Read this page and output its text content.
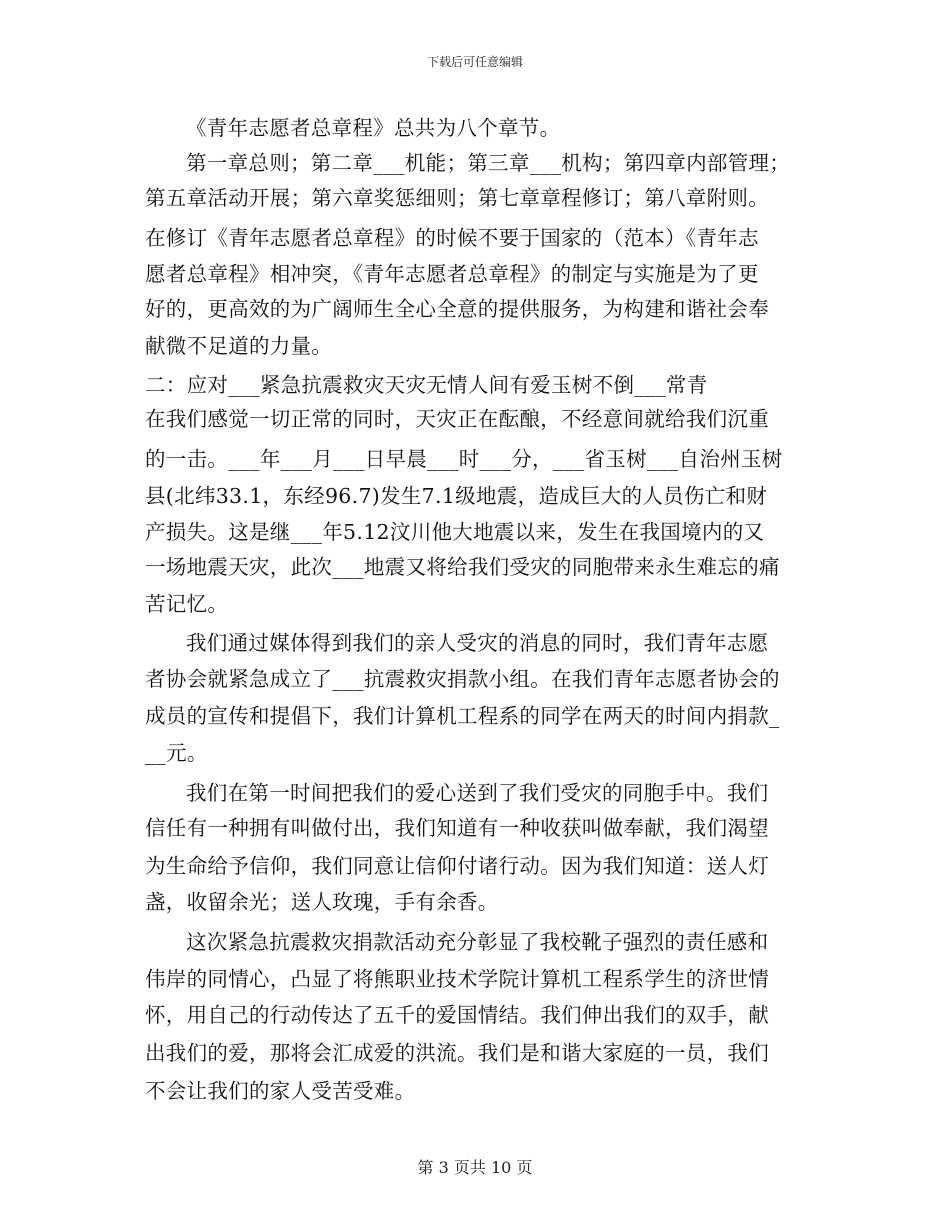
下载后可任意编辑
《青年志愿者总章程》总共为八个章节。
第一章总则；第二章___机能；第三章___机构；第四章内部管理；
第五章活动开展；第六章奖惩细则；第七章章程修订；第八章附则。
在修订《青年志愿者总章程》的时候不要于国家的（范本）《青年志
愿者总章程》相冲突，《青年志愿者总章程》的制定与实施是为了更
好的，更高效的为广阔师生全心全意的提供服务，为构建和谐社会奉
献微不足道的力量。
二：应对___紧急抗震救灾天灾无情人间有爱玉树不倒___常青
在我们感觉一切正常的同时，天灾正在酝酿，不经意间就给我们沉重
的一击。___年___月___日早晨___时___分，___省玉树___自治州玉树
县(北纬33.1，东经96.7)发生7.1级地震，造成巨大的人员伤亡和财
产损失。这是继___年5.12汶川他大地震以来，发生在我国境内的又
一场地震天灾，此次___地震又将给我们受灾的同胞带来永生难忘的痛
苦记忆。
我们通过媒体得到我们的亲人受灾的消息的同时，我们青年志愿
者协会就紧急成立了___抗震救灾捐款小组。在我们青年志愿者协会的
成员的宣传和提倡下，我们计算机工程系的同学在两天的时间内捐款_
__元。
我们在第一时间把我们的爱心送到了我们受灾的同胞手中。我们
信任有一种拥有叫做付出，我们知道有一种收获叫做奉献，我们渴望
为生命给予信仰，我们同意让信仰付诸行动。因为我们知道：送人灯
盏，收留余光；送人玫瑰，手有余香。
这次紧急抗震救灾捐款活动充分彰显了我校靴子强烈的责任感和
伟岸的同情心，凸显了将熊职业技术学院计算机工程系学生的济世情
怀，用自己的行动传达了五千的爱国情结。我们伸出我们的双手，献
出我们的爱，那将会汇成爱的洪流。我们是和谐大家庭的一员，我们
不会让我们的家人受苦受难。
第 3 页共 10 页
